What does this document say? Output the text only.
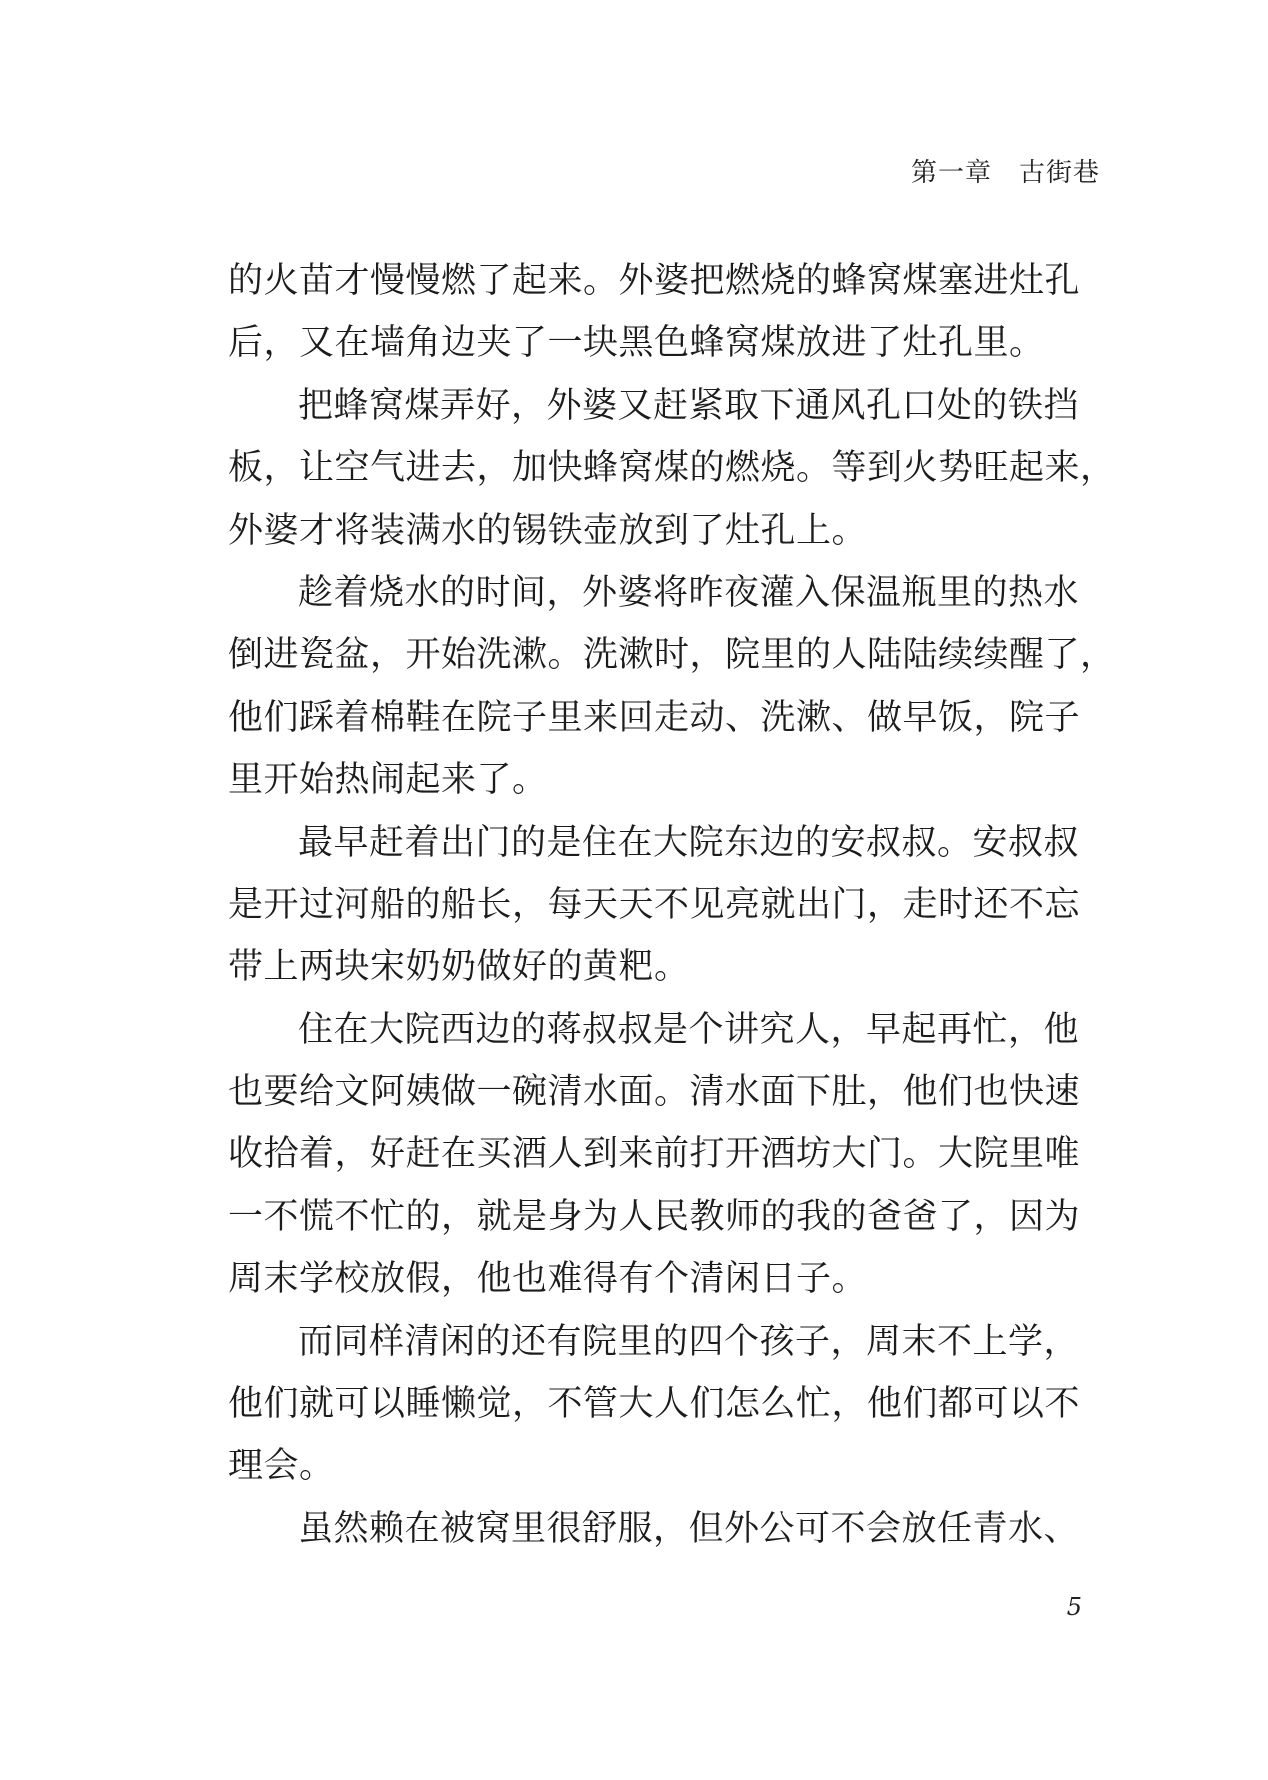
第一章　古街巷
的火苗才慢慢燃了起来。外婆把燃烧的蜂窝煤塞进灶孔
后，又在墙角边夹了一块黑色蜂窝煤放进了灶孔里。
把蜂窝煤弄好，外婆又赶紧取下通风孔口处的铁挡
板，让空气进去，加快蜂窝煤的燃烧。等到火势旺起来，
外婆才将装满水的锡铁壶放到了灶孔上。
趁着烧水的时间，外婆将昨夜灌入保温瓶里的热水
倒进瓷盆，开始洗漱。洗漱时，院里的人陆陆续续醒了，
他们踩着棉鞋在院子里来回走动、洗漱、做早饭，院子
里开始热闹起来了。
最早赶着出门的是住在大院东边的安叔叔。安叔叔
是开过河船的船长，每天天不见亮就出门，走时还不忘
带上两块宋奶奶做好的黄粑。
住在大院西边的蒋叔叔是个讲究人，早起再忙，他
也要给文阿姨做一碗清水面。清水面下肚，他们也快速
收拾着，好赶在买酒人到来前打开酒坊大门。大院里唯
一不慌不忙的，就是身为人民教师的我的爸爸了，因为
周末学校放假，他也难得有个清闲日子。
而同样清闲的还有院里的四个孩子，周末不上学，
他们就可以睡懒觉，不管大人们怎么忙，他们都可以不
理会。
虽然赖在被窝里很舒服，但外公可不会放任青水、
5
